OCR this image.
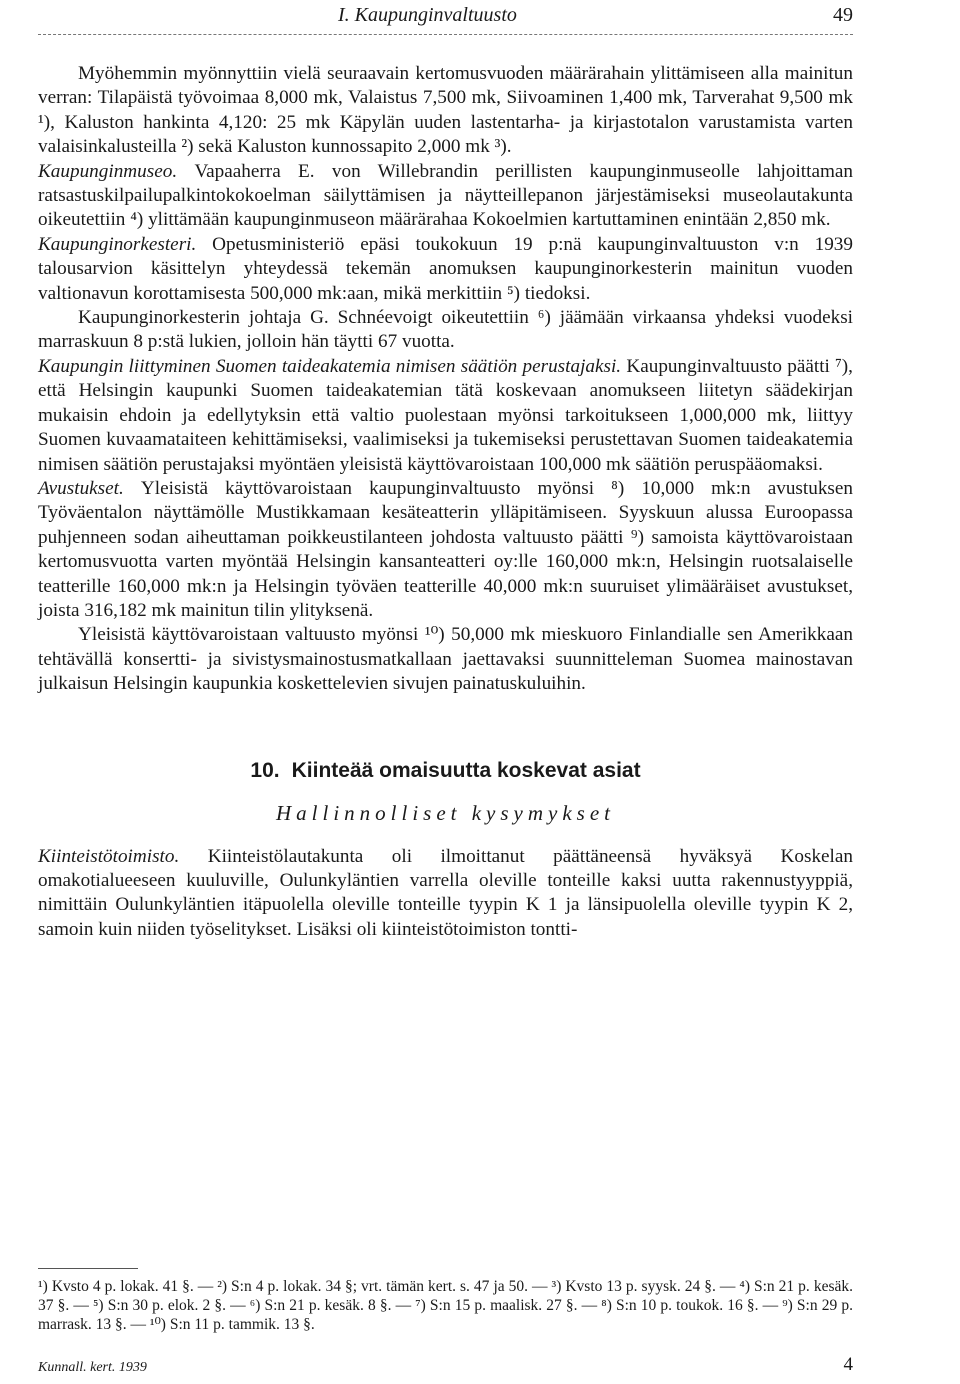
I. Kaupunginvaltuusto	49

Myöhemmin myönnyttiin vielä seuraavain kertomusvuoden määrärahain ylittämiseen alla mainitun verran: Tilapäistä työvoimaa 8,000 mk, Valaistus 7,500 mk, Siivoaminen 1,400 mk, Tarverahat 9,500 mk ¹), Kaluston hankinta 4,120: 25 mk Käpylän uuden lastentarha- ja kirjastotalon varustamista varten valaisinkalusteilla ²) sekä Kaluston kunnossapito 2,000 mk ³).

Kaupunginmuseo. Vapaaherra E. von Willebrandin perillisten kaupunginmuseolle lahjoittaman ratsastuskilpailupalkintokokoelman säilyttämisen ja näytteillepanon järjestämiseksi museolautakunta oikeutettiin ⁴) ylittämään kaupunginmuseon määrärahaa Kokoelmien kartuttaminen enintään 2,850 mk.

Kaupunginorkesteri. Opetusministeriö epäsi toukokuun 19 p:nä kaupunginvaltuuston v:n 1939 talousarvion käsittelyn yhteydessä tekemän anomuksen kaupunginorkesterin mainitun vuoden valtionavun korottamisesta 500,000 mk:aan, mikä merkittiin ⁵) tiedoksi.

Kaupunginorkesterin johtaja G. Schnéevoigt oikeutettiin ⁶) jäämään virkaansa yhdeksi vuodeksi marraskuun 8 p:stä lukien, jolloin hän täytti 67 vuotta.

Kaupungin liittyminen Suomen taideakatemia nimisen säätiön perustajaksi. Kaupunginvaltuusto päätti ⁷), että Helsingin kaupunki Suomen taideakatemian tätä koskevaan anomukseen liitetyn säädekirjan mukaisin ehdoin ja edellytyksin että valtio puolestaan myönsi tarkoitukseen 1,000,000 mk, liittyy Suomen kuvaamataiteen kehittämiseksi, vaalimiseksi ja tukemiseksi perustettavan Suomen taideakatemia nimisen säätiön perustajaksi myöntäen yleisistä käyttövaroistaan 100,000 mk säätiön peruspääomaksi.

Avustukset. Yleisistä käyttövaroistaan kaupunginvaltuusto myönsi ⁸) 10,000 mk:n avustuksen Työväentalon näyttämölle Mustikkamaan kesäteatterin ylläpitämiseen. Syyskuun alussa Euroopassa puhjenneen sodan aiheuttaman poikkeustilanteen johdosta valtuusto päätti ⁹) samoista käyttövaroistaan kertomusvuotta varten myöntää Helsingin kansanteatteri oy:lle 160,000 mk:n, Helsingin ruotsalaiselle teatterille 160,000 mk:n ja Helsingin työväen teatterille 40,000 mk:n suuruiset ylimääräiset avustukset, joista 316,182 mk mainitun tilin ylityksenä.

Yleisistä käyttövaroistaan valtuusto myönsi ¹⁰) 50,000 mk mieskuoro Finlandialle sen Amerikkaan tehtävällä konsertti- ja sivistysmainostusmatkallaan jaettavaksi suunnitteleman Suomea mainostavan julkaisun Helsingin kaupunkia koskettelevien sivujen painatuskuluihin.

10. Kiinteää omaisuutta koskevat asiat
Hallinnolliset kysymykset

Kiinteistötoimisto. Kiinteistölautakunta oli ilmoittanut päättäneensä hyväksyä Koskelan omakotialueeseen kuuluville, Oulunkyläntien varrella oleville tonteille kaksi uutta rakennustyyppiä, nimittäin Oulunkyläntien itäpuolella oleville tonteille tyypin K 1 ja länsipuolella oleville tyypin K 2, samoin kuin niiden työselitykset. Lisäksi oli kiinteistötoimiston tontti-

¹) Kvsto 4 p. lokak. 41 §. — ²) S:n 4 p. lokak. 34 §; vrt. tämän kert. s. 47 ja 50. — ³) Kvsto 13 p. syysk. 24 §. — ⁴) S:n 21 p. kesäk. 37 §. — ⁵) S:n 30 p. elok. 2 §. — ⁶) S:n 21 p. kesäk. 8 §. — ⁷) S:n 15 p. maalisk. 27 §. — ⁸) S:n 10 p. toukok. 16 §. — ⁹) S:n 29 p. marrask. 13 §. — ¹⁰) S:n 11 p. tammik. 13 §.

Kunnall. kert. 1939	4
